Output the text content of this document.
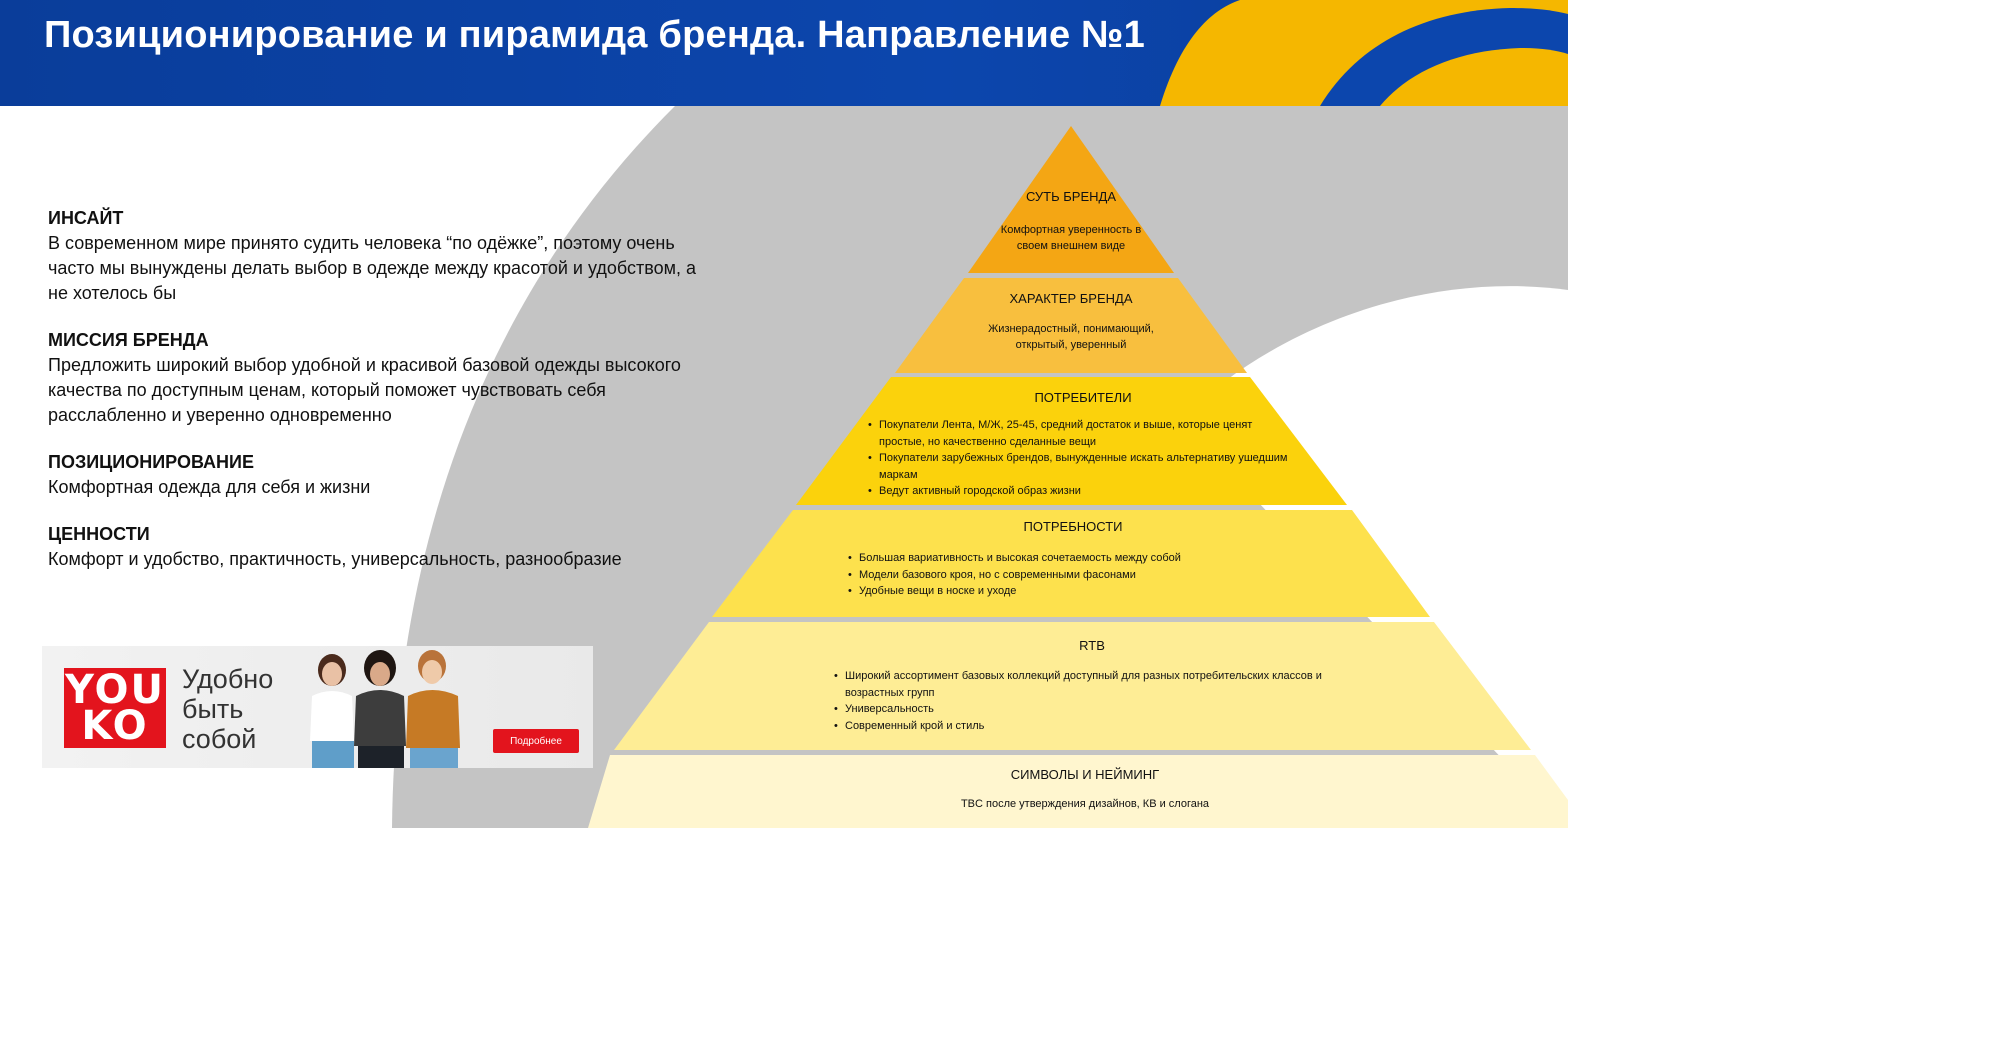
Позиционирование и пирамида бренда. Направление №1
ИНСАЙТ
В современном мире принято судить человека “по одёжке”, поэтому очень часто мы вынуждены делать выбор в одежде между красотой и удобством, а не хотелось бы
МИССИЯ БРЕНДА
Предложить широкий выбор удобной и красивой базовой одежды высокого качества по доступным ценам, который поможет чувствовать себя расслабленно и уверенно одновременно
ПОЗИЦИОНИРОВАНИЕ
Комфортная одежда для себя и жизни
ЦЕННОСТИ
Комфорт и удобство, практичность, универсальность, разнообразие
YOU
KO
Удобно быть собой	Подробнее
СУТЬ БРЕНДА
Комфортная уверенность в своем внешнем виде
ХАРАКТЕР БРЕНДА
Жизнерадостный, понимающий, открытый, уверенный
ПОТРЕБИТЕЛИ
• Покупатели Лента, М/Ж, 25-45, средний достаток и выше, которые ценят простые, но качественно сделанные вещи
• Покупатели зарубежных брендов, вынужденные искать альтернативу ушедшим маркам
• Ведут активный городской образ жизни
ПОТРЕБНОСТИ
• Большая вариативность и высокая сочетаемость между собой
• Модели базового кроя, но с современными фасонами
• Удобные вещи в носке и уходе
RTB
• Широкий ассортимент базовых коллекций доступный для разных потребительских классов и возрастных групп
• Универсальность
• Современный крой и стиль
СИМВОЛЫ И НЕЙМИНГ
TBC после утверждения дизайнов, КВ и слогана
